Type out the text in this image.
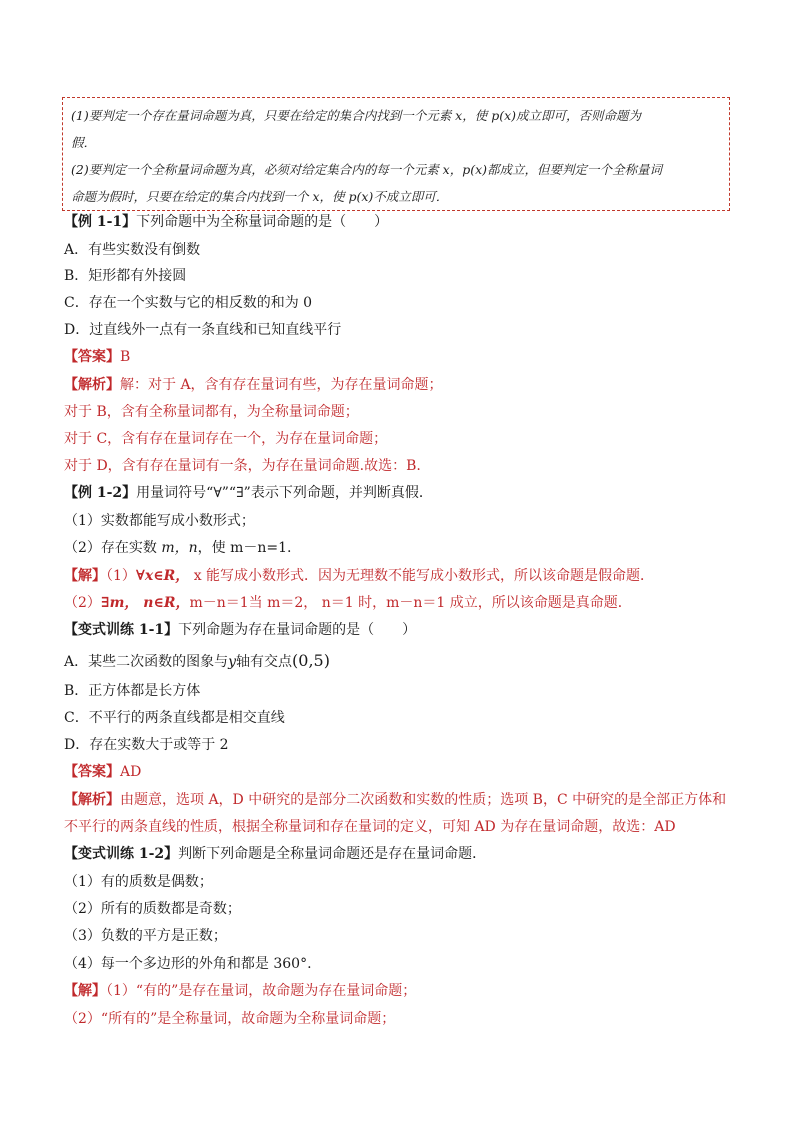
(1)要判定一个存在量词命题为真，只要在给定的集合内找到一个元素 x，使 p(x)成立即可，否则命题为

假．

(2)要判定一个全称量词命题为真，必须对给定集合内的每一个元素 x，p(x)都成立，但要判定一个全称量词

命题为假时，只要在给定的集合内找到一个 x，使 p(x)不成立即可．

【例 1-1】下列命题中为全称量词命题的是（　　）
A．有些实数没有倒数
B．矩形都有外接圆
C．存在一个实数与它的相反数的和为 0
D．过直线外一点有一条直线和已知直线平行
【答案】B
【解析】解：对于 A，含有存在量词有些，为存在量词命题；
对于 B，含有全称量词都有，为全称量词命题；
对于 C，含有存在量词存在一个，为存在量词命题；
对于 D，含有存在量词有一条，为存在量词命题.故选：B.
【例 1-2】用量词符号“∀”“∃”表示下列命题，并判断真假．
（1）实数都能写成小数形式；
（2）存在实数 m，n，使 m－n=1.
【解】（1）∀x∈R， x 能写成小数形式．因为无理数不能写成小数形式，所以该命题是假命题．
（2）∃m， n∈R，m－n＝1当 m＝2， n＝1 时，m－n＝1 成立，所以该命题是真命题．
【变式训练 1-1】下列命题为存在量词命题的是（　　）
A．某些二次函数的图象与y轴有交点(0,5)
B．正方体都是长方体
C．不平行的两条直线都是相交直线
D．存在实数大于或等于 2
【答案】AD
【解析】由题意，选项 A，D 中研究的是部分二次函数和实数的性质；选项 B，C 中研究的是全部正方体和
不平行的两条直线的性质，根据全称量词和存在量词的定义，可知 AD 为存在量词命题，故选：AD
【变式训练 1-2】判断下列命题是全称量词命题还是存在量词命题．
（1）有的质数是偶数；
（2）所有的质数都是奇数；
（3）负数的平方是正数；
（4）每一个多边形的外角和都是 360°.
【解】（1）“有的”是存在量词，故命题为存在量词命题；
（2）“所有的”是全称量词，故命题为全称量词命题；
